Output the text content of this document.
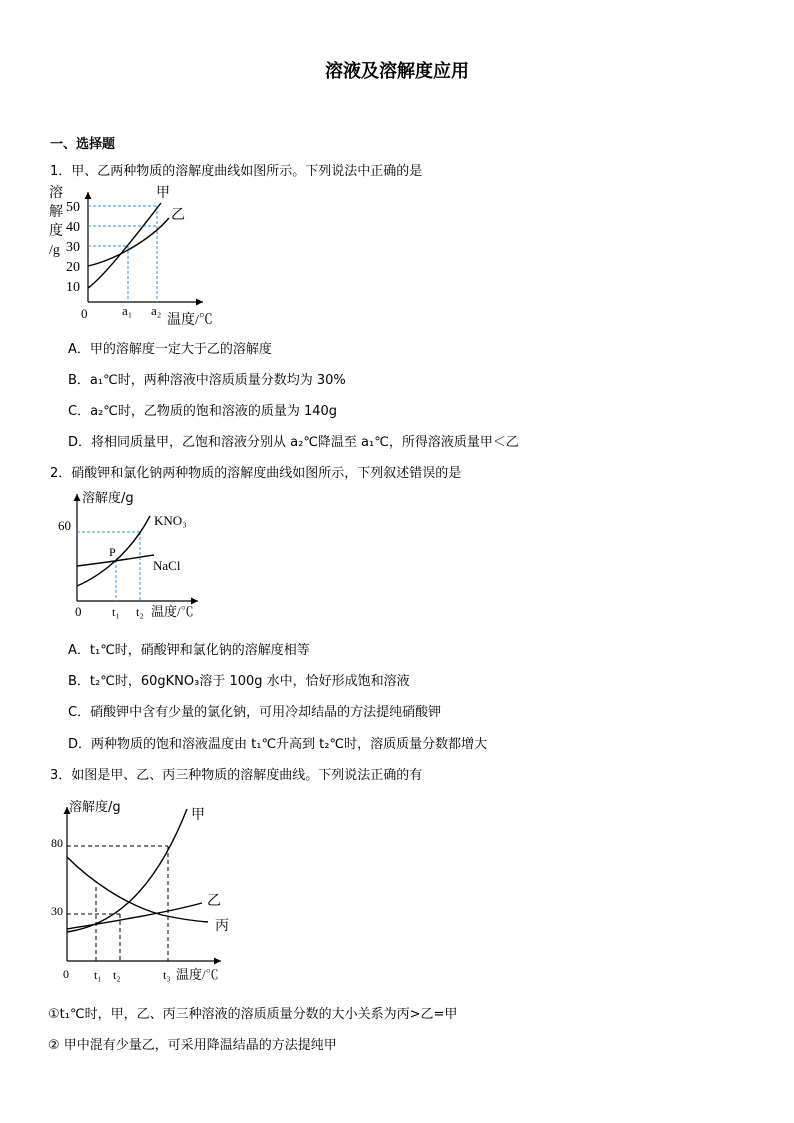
溶液及溶解度应用
一、选择题
1．甲、乙两种物质的溶解度曲线如图所示。下列说法中正确的是
溶
解
度
/g
50
40
30
20
10
0
甲
乙
a₁ a₂
温度/℃
A．甲的溶解度一定大于乙的溶解度
B．a₁℃时，两种溶液中溶质质量分数均为 30%
C．a₂℃时，乙物质的饱和溶液的质量为 140g
D．将相同质量甲，乙饱和溶液分别从 a₂℃降温至 a₁℃，所得溶液质量甲＜乙
2．硝酸钾和氯化钠两种物质的溶解度曲线如图所示，下列叙述错误的是
溶解度/g
60
0
P
KNO₃
NaCl
t₁ t₂ 温度/℃
A．t₁℃时，硝酸钾和氯化钠的溶解度相等
B．t₂℃时，60gKNO₃溶于 100g 水中，恰好形成饱和溶液
C．硝酸钾中含有少量的氯化钠，可用冷却结晶的方法提纯硝酸钾
D．两种物质的饱和溶液温度由 t₁℃升高到 t₂℃时，溶质质量分数都增大
3．如图是甲、乙、丙三种物质的溶解度曲线。下列说法正确的有
溶解度/g
80
30
0
甲
乙
丙
t₁ t₂	t₃ 温度/℃
①t₁℃时，甲，乙、丙三种溶液的溶质质量分数的大小关系为丙>乙=甲
② 甲中混有少量乙，可采用降温结晶的方法提纯甲
